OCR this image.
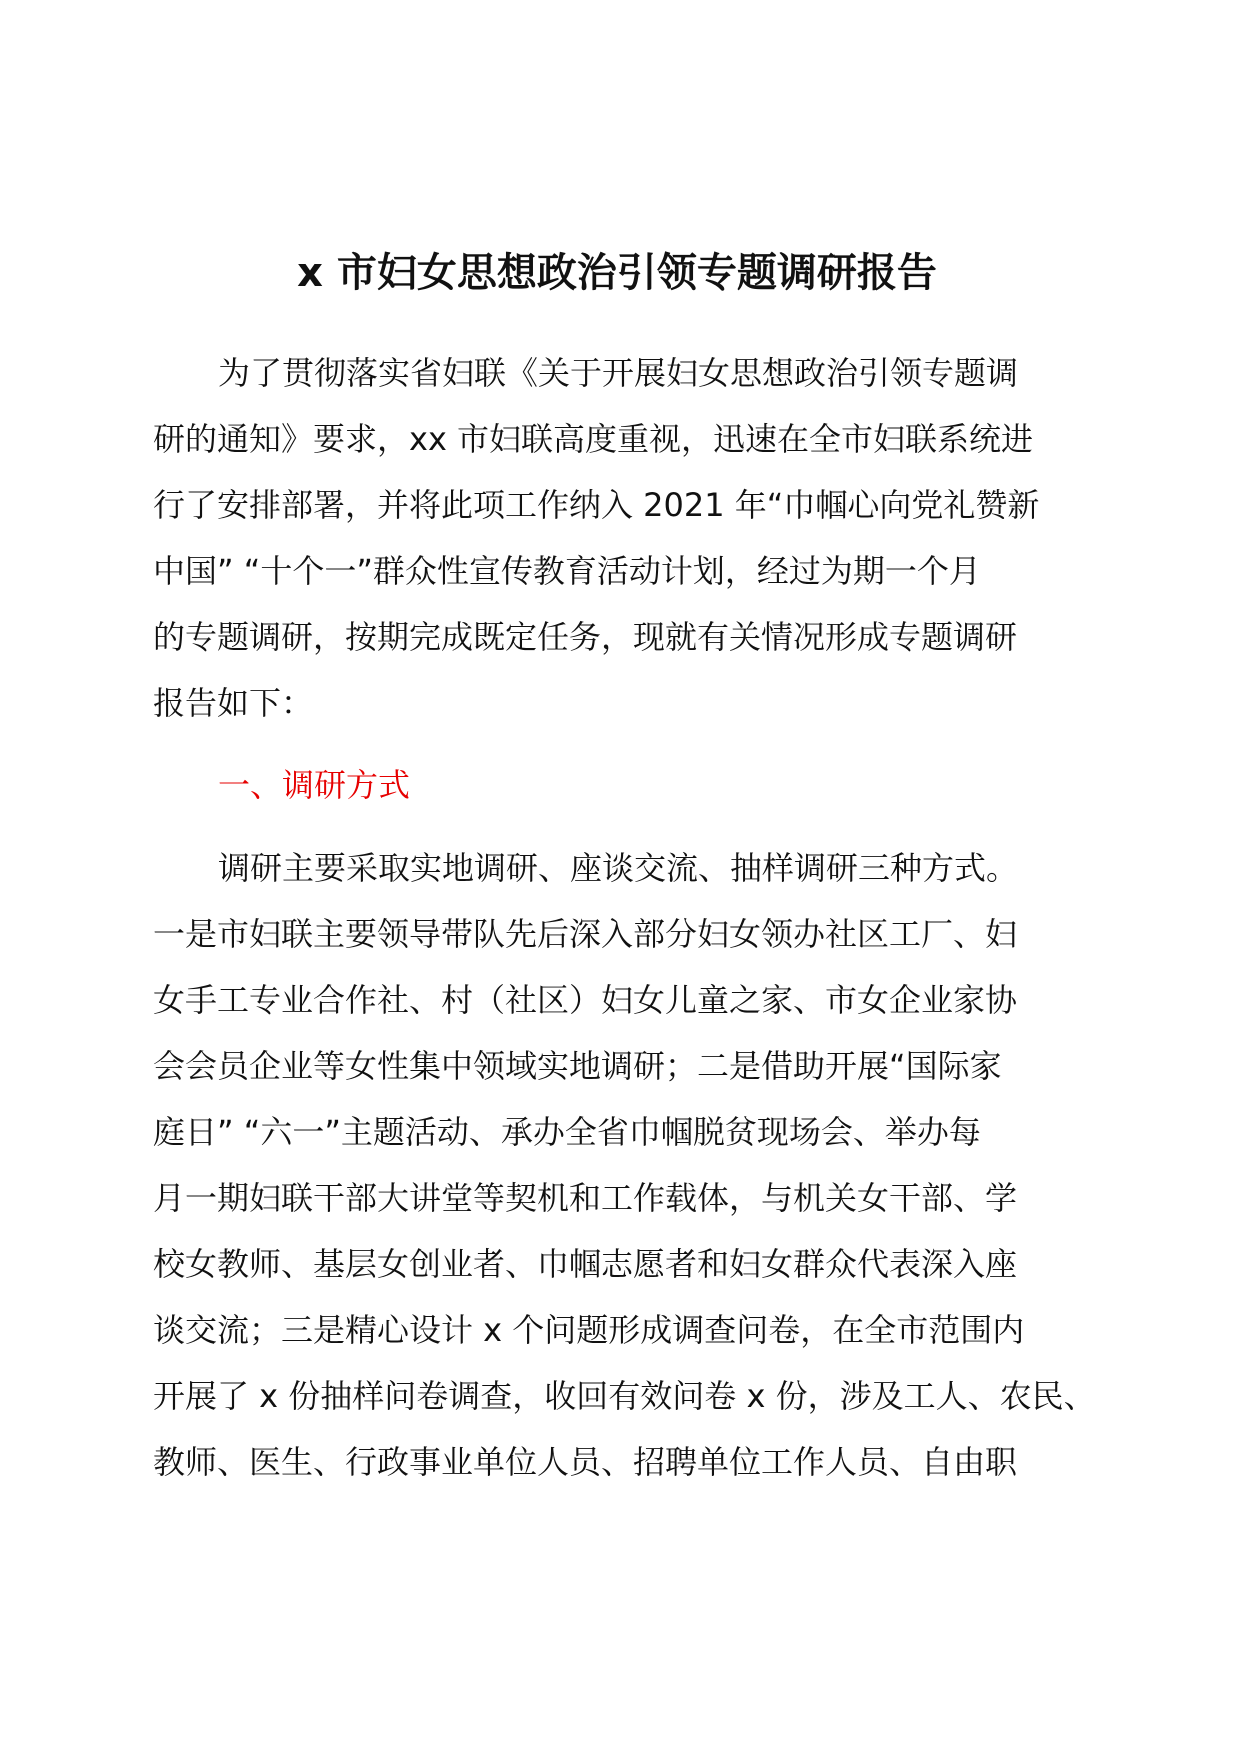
x 市妇女思想政治引领专题调研报告
为了贯彻落实省妇联《关于开展妇女思想政治引领专题调
研的通知》要求，xx 市妇联高度重视，迅速在全市妇联系统进
行了安排部署，并将此项工作纳入 2021 年“巾帼心向党礼赞新
中国” “十个一”群众性宣传教育活动计划，经过为期一个月
的专题调研，按期完成既定任务，现就有关情况形成专题调研
报告如下：
一、调研方式
调研主要采取实地调研、座谈交流、抽样调研三种方式。
一是市妇联主要领导带队先后深入部分妇女领办社区工厂、妇
女手工专业合作社、村（社区）妇女儿童之家、市女企业家协
会会员企业等女性集中领域实地调研；二是借助开展“国际家
庭日” “六一”主题活动、承办全省巾帼脱贫现场会、举办每
月一期妇联干部大讲堂等契机和工作载体，与机关女干部、学
校女教师、基层女创业者、巾帼志愿者和妇女群众代表深入座
谈交流；三是精心设计 x 个问题形成调查问卷，在全市范围内
开展了 x 份抽样问卷调查，收回有效问卷 x 份，涉及工人、农民、
教师、医生、行政事业单位人员、招聘单位工作人员、自由职
